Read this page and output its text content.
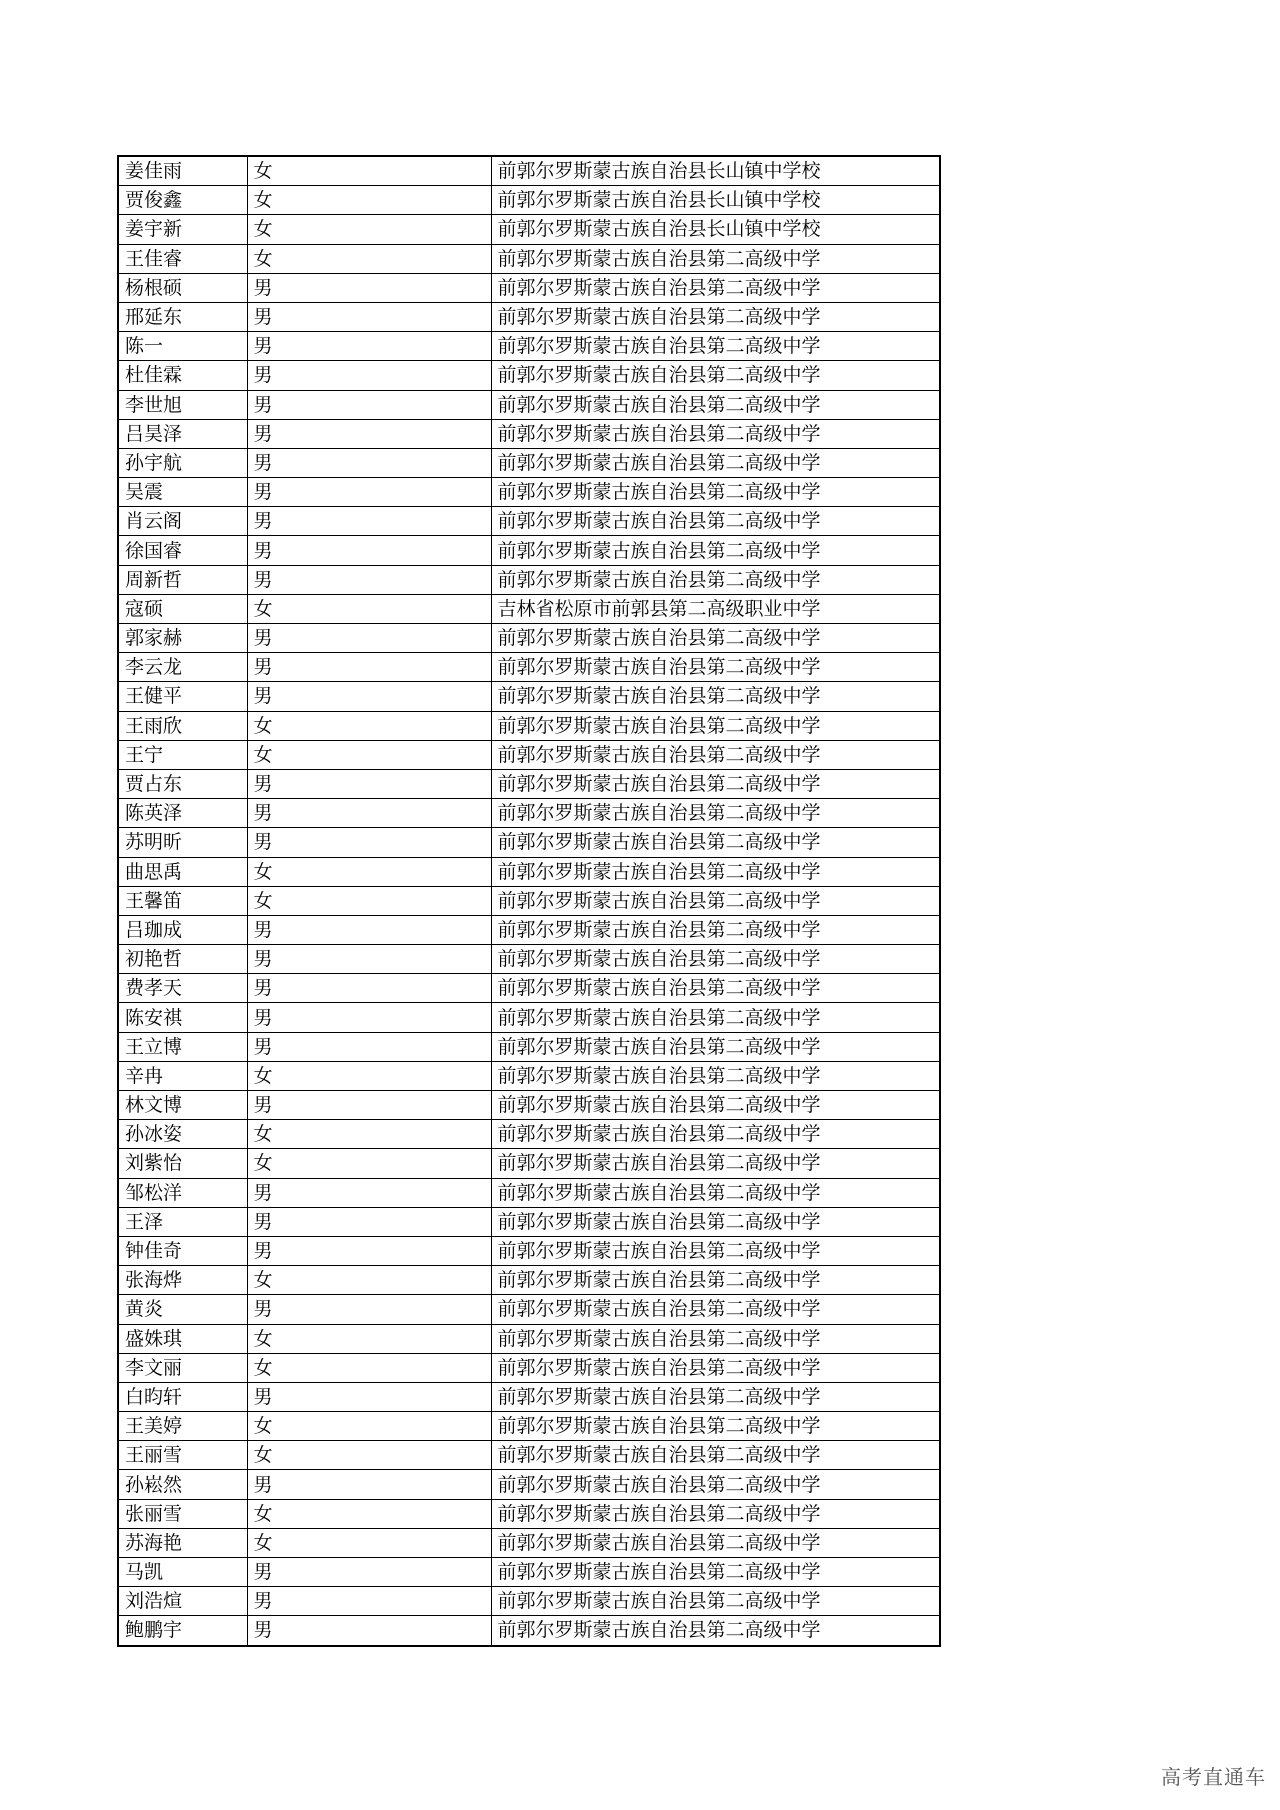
姜佳雨	女	前郭尔罗斯蒙古族自治县长山镇中学校
贾俊鑫	女	前郭尔罗斯蒙古族自治县长山镇中学校
姜宇新	女	前郭尔罗斯蒙古族自治县长山镇中学校
王佳睿	女	前郭尔罗斯蒙古族自治县第二高级中学
杨根硕	男	前郭尔罗斯蒙古族自治县第二高级中学
邢延东	男	前郭尔罗斯蒙古族自治县第二高级中学
陈一	男	前郭尔罗斯蒙古族自治县第二高级中学
杜佳霖	男	前郭尔罗斯蒙古族自治县第二高级中学
李世旭	男	前郭尔罗斯蒙古族自治县第二高级中学
吕昊泽	男	前郭尔罗斯蒙古族自治县第二高级中学
孙宇航	男	前郭尔罗斯蒙古族自治县第二高级中学
吴震	男	前郭尔罗斯蒙古族自治县第二高级中学
肖云阁	男	前郭尔罗斯蒙古族自治县第二高级中学
徐国睿	男	前郭尔罗斯蒙古族自治县第二高级中学
周新哲	男	前郭尔罗斯蒙古族自治县第二高级中学
寇硕	女	吉林省松原市前郭县第二高级职业中学
郭家赫	男	前郭尔罗斯蒙古族自治县第二高级中学
李云龙	男	前郭尔罗斯蒙古族自治县第二高级中学
王健平	男	前郭尔罗斯蒙古族自治县第二高级中学
王雨欣	女	前郭尔罗斯蒙古族自治县第二高级中学
王宁	女	前郭尔罗斯蒙古族自治县第二高级中学
贾占东	男	前郭尔罗斯蒙古族自治县第二高级中学
陈英泽	男	前郭尔罗斯蒙古族自治县第二高级中学
苏明昕	男	前郭尔罗斯蒙古族自治县第二高级中学
曲思禹	女	前郭尔罗斯蒙古族自治县第二高级中学
王馨笛	女	前郭尔罗斯蒙古族自治县第二高级中学
吕珈成	男	前郭尔罗斯蒙古族自治县第二高级中学
初艳哲	男	前郭尔罗斯蒙古族自治县第二高级中学
费孝天	男	前郭尔罗斯蒙古族自治县第二高级中学
陈安祺	男	前郭尔罗斯蒙古族自治县第二高级中学
王立博	男	前郭尔罗斯蒙古族自治县第二高级中学
辛冉	女	前郭尔罗斯蒙古族自治县第二高级中学
林文博	男	前郭尔罗斯蒙古族自治县第二高级中学
孙冰姿	女	前郭尔罗斯蒙古族自治县第二高级中学
刘紫怡	女	前郭尔罗斯蒙古族自治县第二高级中学
邹松洋	男	前郭尔罗斯蒙古族自治县第二高级中学
王泽	男	前郭尔罗斯蒙古族自治县第二高级中学
钟佳奇	男	前郭尔罗斯蒙古族自治县第二高级中学
张海烨	女	前郭尔罗斯蒙古族自治县第二高级中学
黄炎	男	前郭尔罗斯蒙古族自治县第二高级中学
盛姝琪	女	前郭尔罗斯蒙古族自治县第二高级中学
李文丽	女	前郭尔罗斯蒙古族自治县第二高级中学
白昀轩	男	前郭尔罗斯蒙古族自治县第二高级中学
王美婷	女	前郭尔罗斯蒙古族自治县第二高级中学
王丽雪	女	前郭尔罗斯蒙古族自治县第二高级中学
孙崧然	男	前郭尔罗斯蒙古族自治县第二高级中学
张丽雪	女	前郭尔罗斯蒙古族自治县第二高级中学
苏海艳	女	前郭尔罗斯蒙古族自治县第二高级中学
马凯	男	前郭尔罗斯蒙古族自治县第二高级中学
刘浩煊	男	前郭尔罗斯蒙古族自治县第二高级中学
鲍鹏宇	男	前郭尔罗斯蒙古族自治县第二高级中学
高考直通车
